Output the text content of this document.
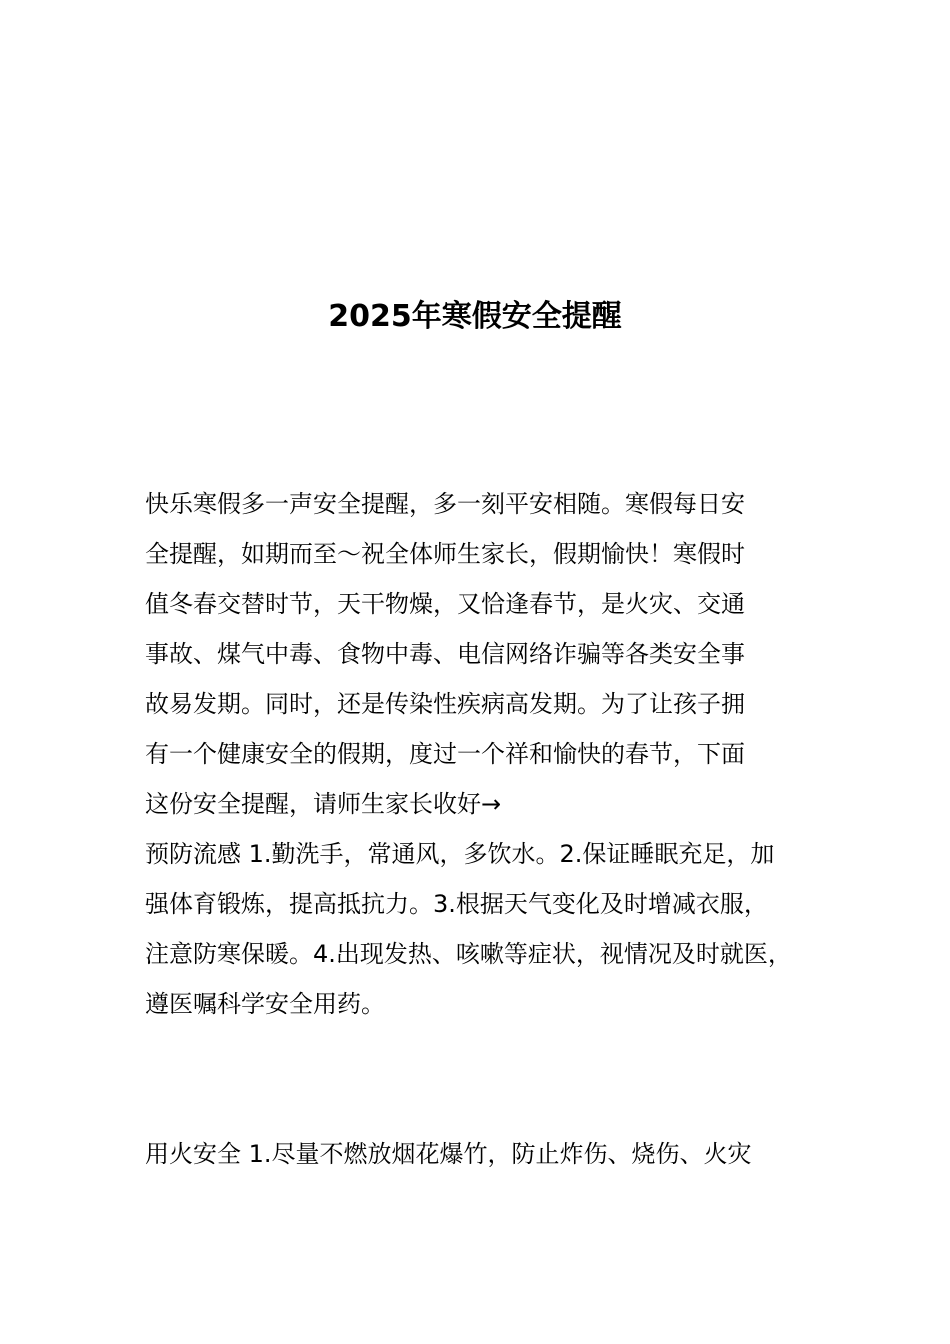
2025年寒假安全提醒

快乐寒假多一声安全提醒，多一刻平安相随。寒假每日安

全提醒，如期而至～祝全体师生家长，假期愉快！寒假时

值冬春交替时节，天干物燥，又恰逢春节，是火灾、交通

事故、煤气中毒、食物中毒、电信网络诈骗等各类安全事

故易发期。同时，还是传染性疾病高发期。为了让孩子拥

有一个健康安全的假期，度过一个祥和愉快的春节，下面

这份安全提醒，请师生家长收好→

预防流感 1.勤洗手，常通风，多饮水。2.保证睡眠充足，加

强体育锻炼，提高抵抗力。3.根据天气变化及时增减衣服，

注意防寒保暖。4.出现发热、咳嗽等症状，视情况及时就医，

遵医嘱科学安全用药。

用火安全 1.尽量不燃放烟花爆竹，防止炸伤、烧伤、火灾
